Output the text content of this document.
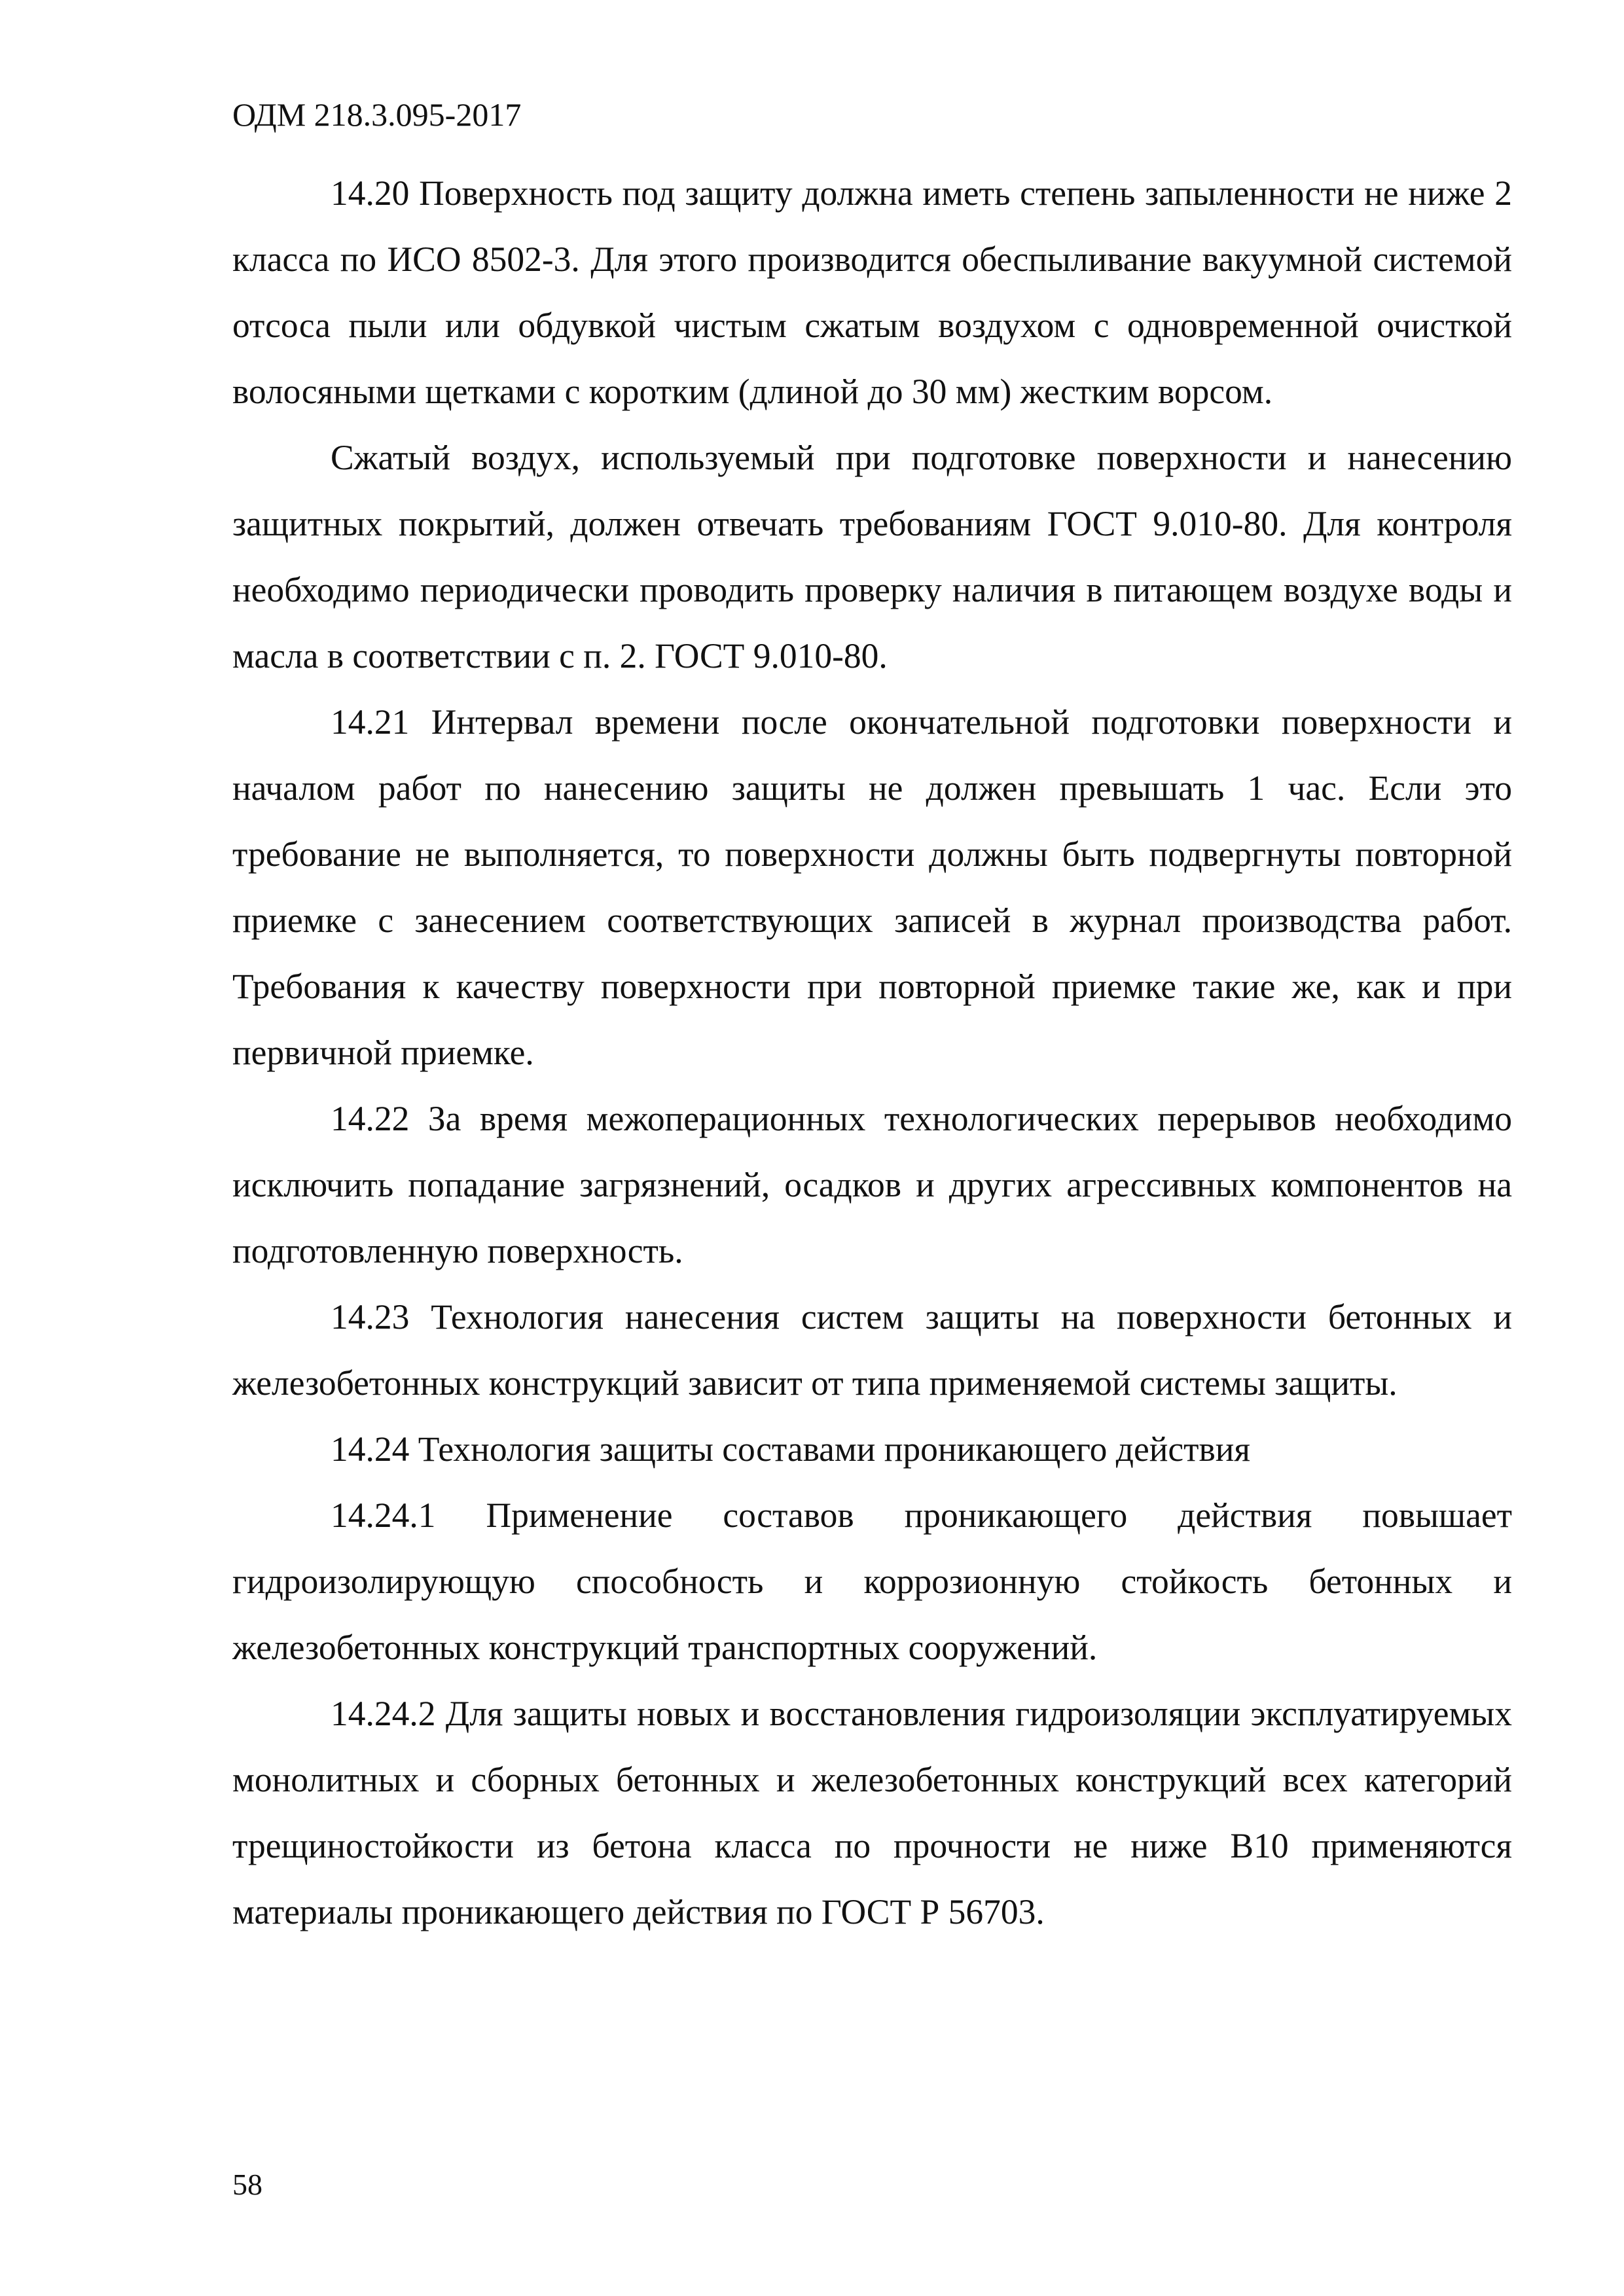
ОДМ 218.3.095-2017

14.20 Поверхность под защиту должна иметь степень запыленности не ниже 2 класса по ИСО 8502-3. Для этого производится обеспыливание вакуумной системой отсоса пыли или обдувкой чистым сжатым воздухом с одновременной очисткой волосяными щетками с коротким (длиной до 30 мм) жестким ворсом.

Сжатый воздух, используемый при подготовке поверхности и нанесению защитных покрытий, должен отвечать требованиям ГОСТ 9.010-80. Для контроля необходимо периодически проводить проверку наличия в питающем воздухе воды и масла в соответствии с п. 2. ГОСТ 9.010-80.

14.21 Интервал времени после окончательной подготовки поверхности и началом работ по нанесению защиты не должен превышать 1 час. Если это требование не выполняется, то поверхности должны быть подвергнуты повторной приемке с занесением соответствующих записей в журнал производства работ. Требования к качеству поверхности при повторной приемке такие же, как и при первичной приемке.

14.22 За время межоперационных технологических перерывов необходимо исключить попадание загрязнений, осадков и других агрессивных компонентов на подготовленную поверхность.

14.23 Технология нанесения систем защиты на поверхности бетонных и железобетонных конструкций зависит от типа применяемой системы защиты.

14.24 Технология защиты составами проникающего действия

14.24.1 Применение составов проникающего действия повышает гидроизолирующую способность и коррозионную стойкость бетонных и железобетонных конструкций транспортных сооружений.

14.24.2 Для защиты новых и восстановления гидроизоляции эксплуатируемых монолитных и сборных бетонных и железобетонных конструкций всех категорий трещиностойкости из бетона класса по прочности не ниже В10 применяются материалы проникающего действия по ГОСТ Р 56703.

58
